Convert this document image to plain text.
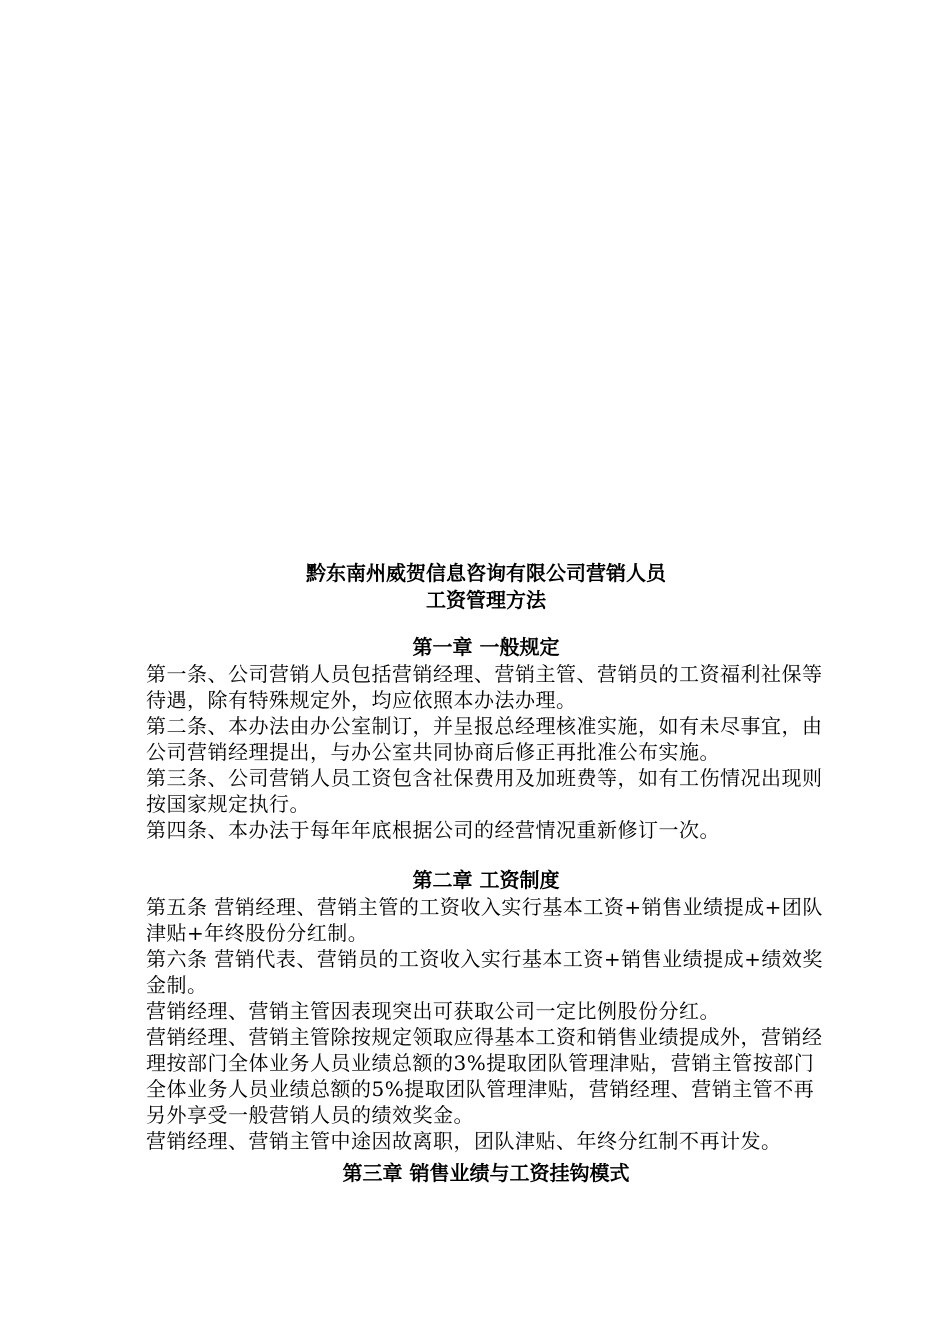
黔东南州威贺信息咨询有限公司营销人员
工资管理方法
第一章 一般规定

第一条、公司营销人员包括营销经理、营销主管、营销员的工资福利社保等待遇，除有特殊规定外，均应依照本办法办理。

第二条、本办法由办公室制订，并呈报总经理核准实施，如有未尽事宜，由公司营销经理提出，与办公室共同协商后修正再批准公布实施。

第三条、公司营销人员工资包含社保费用及加班费等，如有工伤情况出现则按国家规定执行。

第四条、本办法于每年年底根据公司的经营情况重新修订一次。

第二章 工资制度

第五条 营销经理、营销主管的工资收入实行基本工资+销售业绩提成+团队津贴+年终股份分红制。

第六条 营销代表、营销员的工资收入实行基本工资+销售业绩提成+绩效奖金制。

营销经理、营销主管因表现突出可获取公司一定比例股份分红。

营销经理、营销主管除按规定领取应得基本工资和销售业绩提成外，营销经理按部门全体业务人员业绩总额的3%提取团队管理津贴，营销主管按部门全体业务人员业绩总额的5%提取团队管理津贴，营销经理、营销主管不再另外享受一般营销人员的绩效奖金。

营销经理、营销主管中途因故离职，团队津贴、年终分红制不再计发。

第三章 销售业绩与工资挂钩模式
